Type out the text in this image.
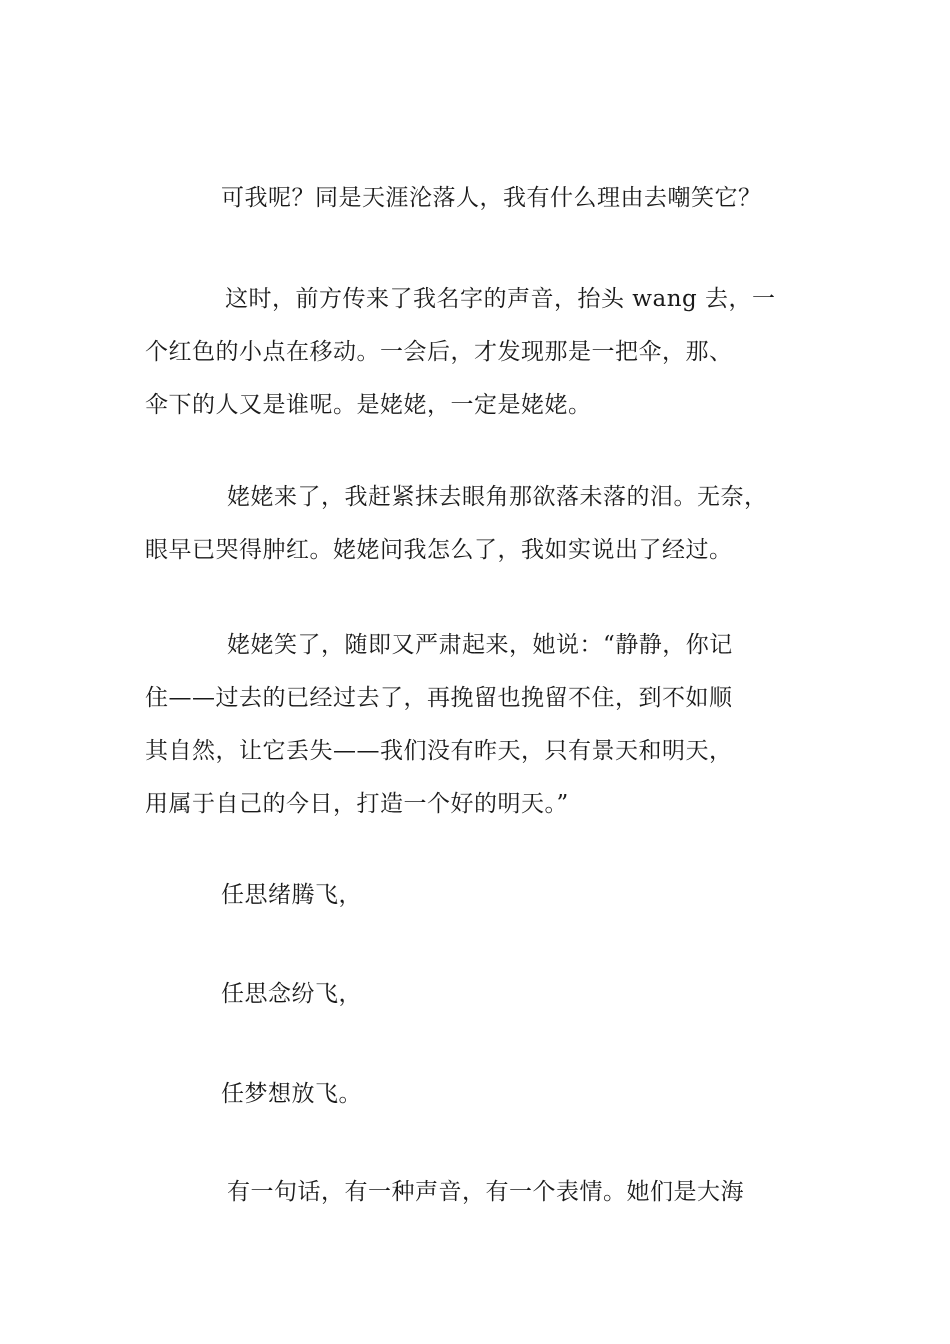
可我呢？同是天涯沦落人，我有什么理由去嘲笑它？

这时，前方传来了我名字的声音，抬头 wang 去，一
个红色的小点在移动。一会后，才发现那是一把伞，那、
伞下的人又是谁呢。是姥姥，一定是姥姥。

姥姥来了，我赶紧抹去眼角那欲落未落的泪。无奈，
眼早已哭得肿红。姥姥问我怎么了，我如实说出了经过。

姥姥笑了，随即又严肃起来，她说：“静静，你记
住——过去的已经过去了，再挽留也挽留不住，到不如顺
其自然，让它丢失——我们没有昨天，只有景天和明天，
用属于自己的今日，打造一个好的明天。”

任思绪腾飞，

任思念纷飞，

任梦想放飞。

有一句话，有一种声音，有一个表情。她们是大海
